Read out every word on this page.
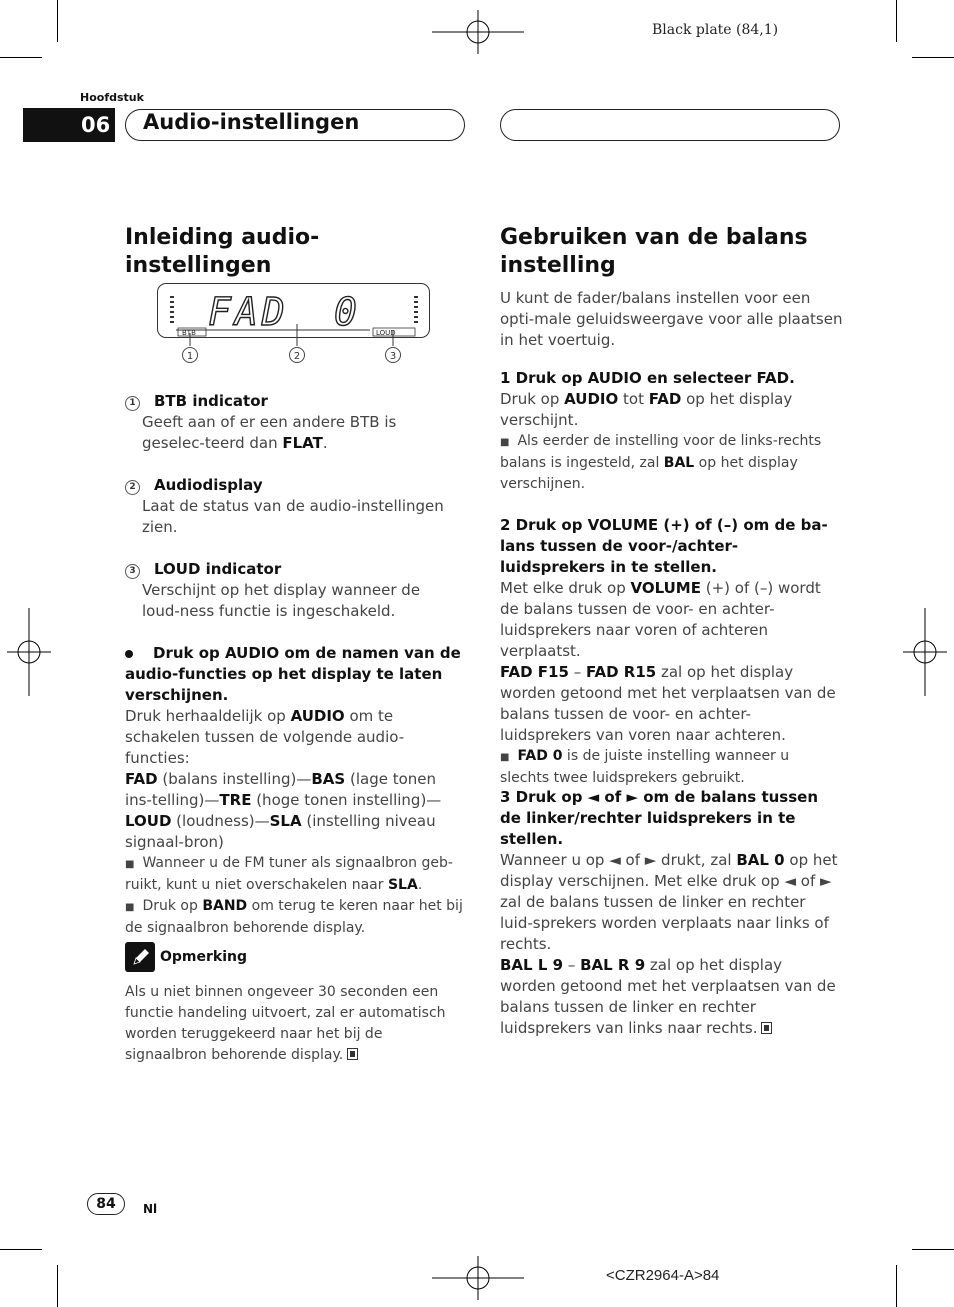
Black plate (84,1)
Hoofdstuk
06 Audio-instellingen
Inleiding audio-instellingen
FAD 0
BTB	LOUD
1	2	3
1 BTB indicator

Geeft aan of er een andere BTB is geselec-teerd dan FLAT.

2 Audiodisplay

Laat de status van de audio-instellingen zien.

3 LOUD indicator

Verschijnt op het display wanneer de loud-ness functie is ingeschakeld.

Druk op AUDIO om de namen van de audio-functies op het display te laten verschijnen.

Druk herhaaldelijk op AUDIO om te schakelen tussen de volgende audio-functies:

FAD (balans instelling)—BAS (lage tonen ins-telling)—TRE (hoge tonen instelling)—LOUD (loudness)—SLA (instelling niveau signaal-bron)

■ Wanneer u de FM tuner als signaalbron geb-ruikt, kunt u niet overschakelen naar SLA.

■ Druk op BAND om terug te keren naar het bij de signaalbron behorende display.

Opmerking

Als u niet binnen ongeveer 30 seconden een functie handeling uitvoert, zal er automatisch worden teruggekeerd naar het bij de signaalbron behorende display.

Gebruiken van de balans instelling

U kunt de fader/balans instellen voor een opti-male geluidsweergave voor alle plaatsen in het voertuig.

1 Druk op AUDIO en selecteer FAD.

Druk op AUDIO tot FAD op het display verschijnt.

■ Als eerder de instelling voor de links-rechts balans is ingesteld, zal BAL op het display verschijnen.

2 Druk op VOLUME (+) of (–) om de ba-lans tussen de voor-/achter-luidsprekers in te stellen.

Met elke druk op VOLUME (+) of (–) wordt de balans tussen de voor- en achter-luidsprekers naar voren of achteren verplaatst.

FAD F15 – FAD R15 zal op het display worden getoond met het verplaatsen van de balans tussen de voor- en achter-luidsprekers van voren naar achteren.

■ FAD 0 is de juiste instelling wanneer u slechts twee luidsprekers gebruikt.

3 Druk op ◄ of ► om de balans tussen de linker/rechter luidsprekers in te stellen.

Wanneer u op ◄ of ► drukt, zal BAL 0 op het display verschijnen. Met elke druk op ◄ of ► zal de balans tussen de linker en rechter luid-sprekers worden verplaats naar links of rechts.

BAL L 9 – BAL R 9 zal op het display worden getoond met het verplaatsen van de balans tussen de linker en rechter luidsprekers van links naar rechts.

84 Nl
<CZR2964-A>84
